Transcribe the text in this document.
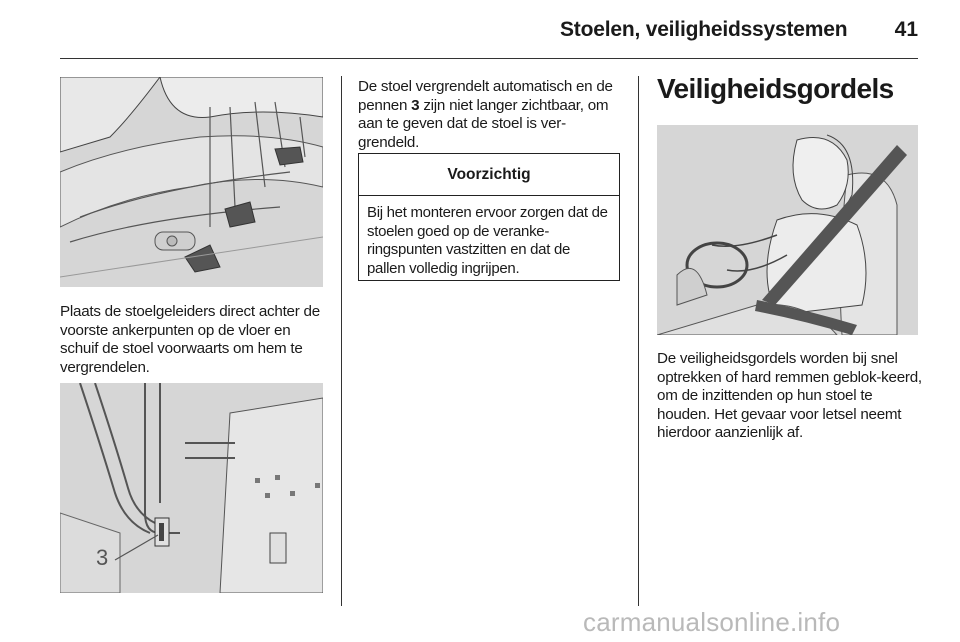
Stoelen, veiligheidssystemen 41
Plaats de stoelgeleiders direct achter de voorste ankerpunten op de vloer en schuif de stoel voorwaarts om hem te vergrendelen.
3
De stoel vergrendelt automatisch en de pennen 3 zijn niet langer zichtbaar, om aan te geven dat de stoel is ver-grendeld.
Voorzichtig
Bij het monteren ervoor zorgen dat de stoelen goed op de veranke-ringspunten vastzitten en dat de pallen volledig ingrijpen.
Veiligheidsgordels
De veiligheidsgordels worden bij snel optrekken of hard remmen geblok-keerd, om de inzittenden op hun stoel te houden. Het gevaar voor letsel neemt hierdoor aanzienlijk af.
carmanualsonline.info
